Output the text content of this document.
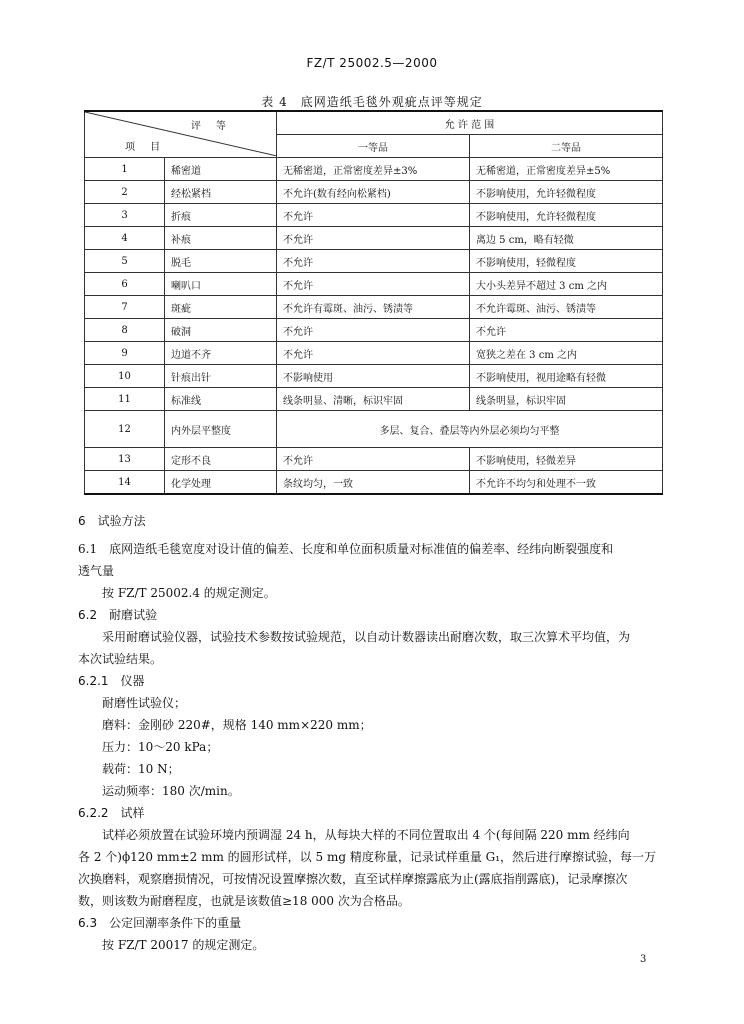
FZ/T 25002.5—2000
表 4　底网造纸毛毯外观疵点评等规定
评 等
项 目		允 许 范 围	
		一等品	二等品
1	稀密道	无稀密道，正常密度差异±3%	无稀密道，正常密度差异±5%
2	经松紧档	不允许(数有经向松紧档)	不影响使用，允许轻微程度
3	折痕	不允许	不影响使用，允许轻微程度
4	补痕	不允许	离边 5 cm，略有轻微
5	脱毛	不允许	不影响使用，轻微程度
6	喇叭口	不允许	大小头差异不超过 3 cm 之内
7	斑疵	不允许有霉斑、油污、锈渍等	不允许霉斑、油污、锈渍等
8	破洞	不允许	不允许
9	边道不齐	不允许	宽狭之差在 3 cm 之内
10	针痕出针	不影响使用	不影响使用，视用途略有轻微
11	标准线	线条明显、清晰，标识牢固	线条明显，标识牢固
12	内外层平整度	多层、复合、叠层等内外层必须均匀平整	
13	定形不良	不允许	不影响使用，轻微差异
14	化学处理	条纹均匀，一致	不允许不均匀和处理不一致
6　试验方法
6.1　底网造纸毛毯宽度对设计值的偏差、长度和单位面积质量对标准值的偏差率、经纬向断裂强度和
透气量
按 FZ/T 25002.4 的规定测定。
6.2　耐磨试验
采用耐磨试验仪器，试验技术参数按试验规范，以自动计数器读出耐磨次数，取三次算术平均值，为
本次试验结果。
6.2.1　仪器
耐磨性试验仪；
磨料：金刚砂 220#，规格 140 mm×220 mm；
压力：10～20 kPa；
载荷：10 N；
运动频率：180 次/min。
6.2.2　试样
试样必须放置在试验环境内预调湿 24 h，从每块大样的不同位置取出 4 个(每间隔 220 mm 经纬向
各 2 个)ϕ120 mm±2 mm 的圆形试样，以 5 mg 精度称量，记录试样重量 G₁，然后进行摩擦试验，每一万
次换磨料，观察磨损情况，可按情况设置摩擦次数，直至试样摩擦露底为止(露底指削露底)，记录摩擦次
数，则该数为耐磨程度，也就是该数值≥18 000 次为合格品。
6.3　公定回潮率条件下的重量
按 FZ/T 20017 的规定测定。
3
